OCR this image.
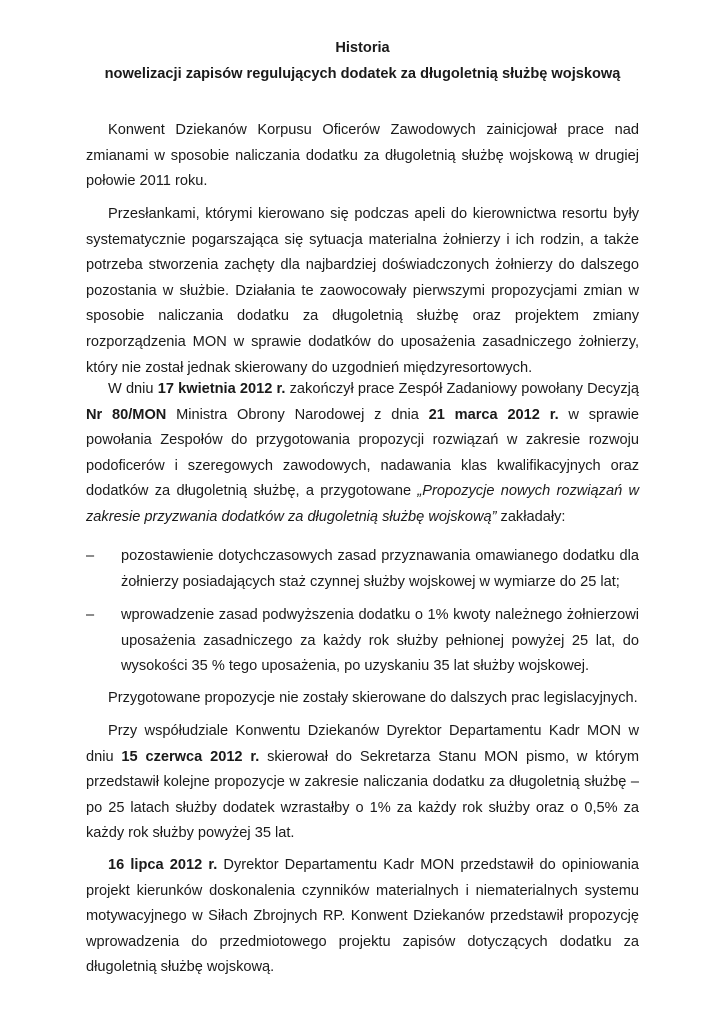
Historia
nowelizacji zapisów regulujących dodatek za długoletnią służbę wojskową
Konwent Dziekanów Korpusu Oficerów Zawodowych zainicjował prace nad zmianami w sposobie naliczania dodatku za długoletnią służbę wojskową w drugiej połowie 2011 roku.
Przesłankami, którymi kierowano się podczas apeli do kierownictwa resortu były systematycznie pogarszająca się sytuacja materialna żołnierzy i ich rodzin, a także potrzeba stworzenia zachęty dla najbardziej doświadczonych żołnierzy do dalszego pozostania w służbie. Działania te zaowocowały pierwszymi propozycjami zmian w sposobie naliczania dodatku za długoletnią służbę oraz projektem zmiany rozporządzenia MON w sprawie dodatków do uposażenia zasadniczego żołnierzy, który nie został jednak skierowany do uzgodnień międzyresortowych.
W dniu 17 kwietnia 2012 r. zakończył prace Zespół Zadaniowy powołany Decyzją Nr 80/MON Ministra Obrony Narodowej z dnia 21 marca 2012 r. w sprawie powołania Zespołów do przygotowania propozycji rozwiązań w zakresie rozwoju podoficerów i szeregowych zawodowych, nadawania klas kwalifikacyjnych oraz dodatków za długoletnią służbę, a przygotowane „Propozycje nowych rozwiązań w zakresie przyzwania dodatków za długoletnią służbę wojskową” zakładały:
– pozostawienie dotychczasowych zasad przyznawania omawianego dodatku dla żołnierzy posiadających staż czynnej służby wojskowej w wymiarze do 25 lat;
– wprowadzenie zasad podwyższenia dodatku o 1% kwoty należnego żołnierzowi uposażenia zasadniczego za każdy rok służby pełnionej powyżej 25 lat, do wysokości 35 % tego uposażenia, po uzyskaniu 35 lat służby wojskowej.
Przygotowane propozycje nie zostały skierowane do dalszych prac legislacyjnych.
Przy współudziale Konwentu Dziekanów Dyrektor Departamentu Kadr MON w dniu 15 czerwca 2012 r. skierował do Sekretarza Stanu MON pismo, w którym przedstawił kolejne propozycje w zakresie naliczania dodatku za długoletnią służbę – po 25 latach służby dodatek wzrastałby o 1% za każdy rok służby oraz o 0,5% za każdy rok służby powyżej 35 lat.
16 lipca 2012 r. Dyrektor Departamentu Kadr MON przedstawił do opiniowania projekt kierunków doskonalenia czynników materialnych i niematerialnych systemu motywacyjnego w Siłach Zbrojnych RP. Konwent Dziekanów przedstawił propozycję wprowadzenia do przedmiotowego projektu zapisów dotyczących dodatku za długoletnią służbę wojskową.
